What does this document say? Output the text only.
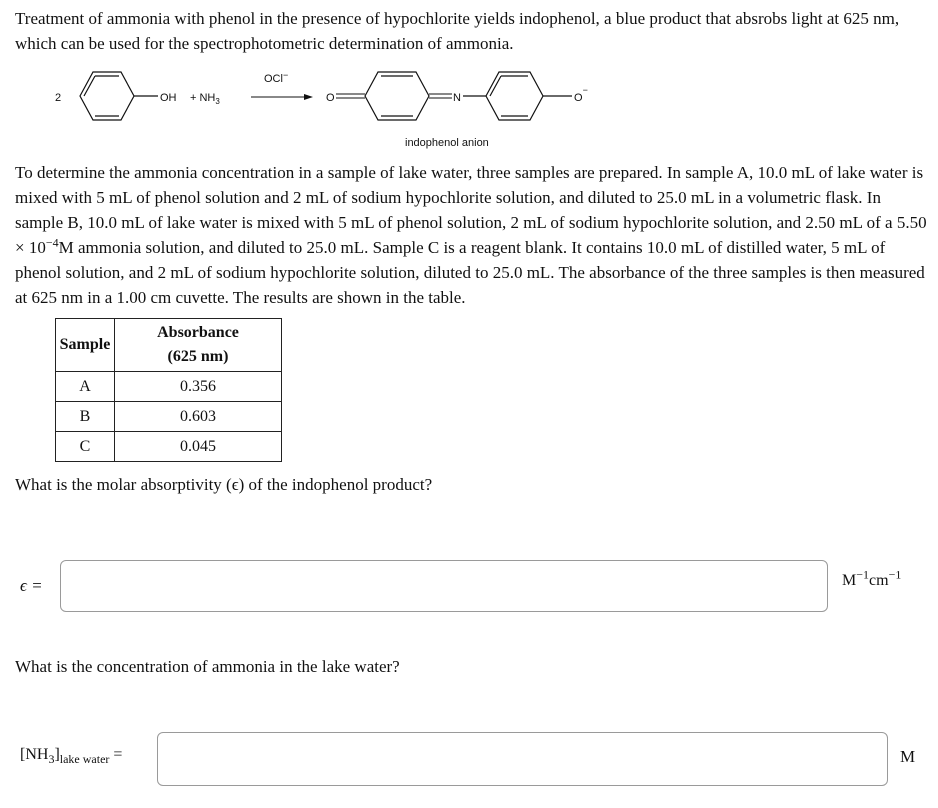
Treatment of ammonia with phenol in the presence of hypochlorite yields indophenol, a blue product that absrobs light at 625 nm, which can be used for the spectrophotometric determination of ammonia.

2	OH + $NH_3$
OCl−
O	N	O−
indophenol anion

To determine the ammonia concentration in a sample of lake water, three samples are prepared. In sample A, 10.0 mL of lake water is mixed with 5 mL of phenol solution and 2 mL of sodium hypochlorite solution, and diluted to 25.0 mL in a volumetric flask. In sample B, 10.0 mL of lake water is mixed with 5 mL of phenol solution, 2 mL of sodium hypochlorite solution, and 2.50 mL of a $5.50 \times 10^{-4}M$ ammonia solution, and diluted to 25.0 mL. Sample C is a reagent blank. It contains 10.0 mL of distilled water, 5 mL of phenol solution, and 2 mL of sodium hypochlorite solution, diluted to 25.0 mL. The absorbance of the three samples is then measured at 625 nm in a 1.00 cm cuvette. The results are shown in the table.

Sample	Absorbance
(625 nm)
A	0.356
B	0.603
C	0.045

What is the molar absorptivity (ϵ) of the indophenol product?

ϵ =	$M^{-1}cm^{-1}$

What is the concentration of ammonia in the lake water?

$[NH_3]_{lake water}$ =	M
